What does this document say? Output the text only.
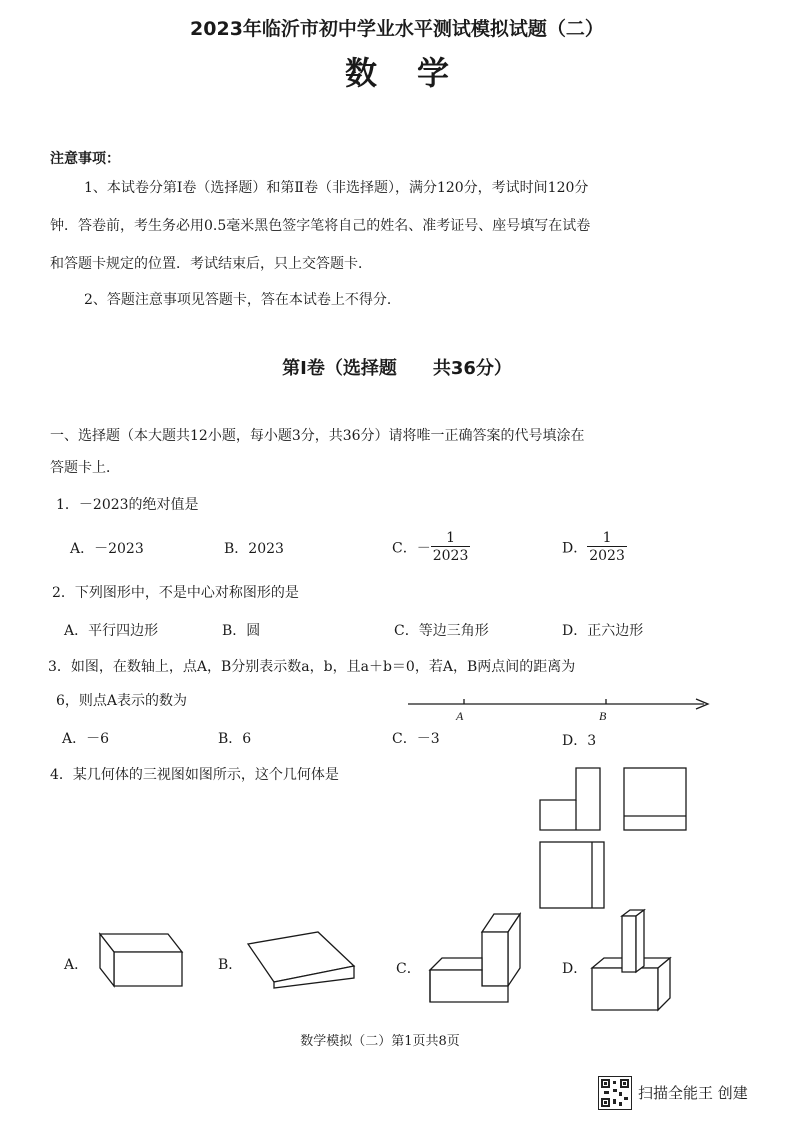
2023年临沂市初中学业水平测试模拟试题（二）
数学
注意事项：
1、本试卷分第Ⅰ卷（选择题）和第Ⅱ卷（非选择题），满分120分，考试时间120分
钟．答卷前，考生务必用0.5毫米黑色签字笔将自己的姓名、准考证号、座号填写在试卷
和答题卡规定的位置．考试结束后，只上交答题卡．
2、答题注意事项见答题卡，答在本试卷上不得分．
第Ⅰ卷（选择题　　共36分）
一、选择题（本大题共12小题，每小题3分，共36分）请将唯一正确答案的代号填涂在
答题卡上．
1．－2023的绝对值是
A．－2023	B．2023	C．－ $\frac{1}{2023}$	D． $\frac{1}{2023}$
2．下列图形中，不是中心对称图形的是
A．平行四边形	B．圆	C．等边三角形	D．正六边形
3．如图，在数轴上，点A，B分别表示数a，b，且a＋b＝0，若A，B两点间的距离为
6，则点A表示的数为
A	B
A．－6	B．6	C．－3	D．3
4．某几何体的三视图如图所示，这个几何体是
A．	B．	C．	D．
数学模拟（二）第1页共8页
扫描全能王 创建
